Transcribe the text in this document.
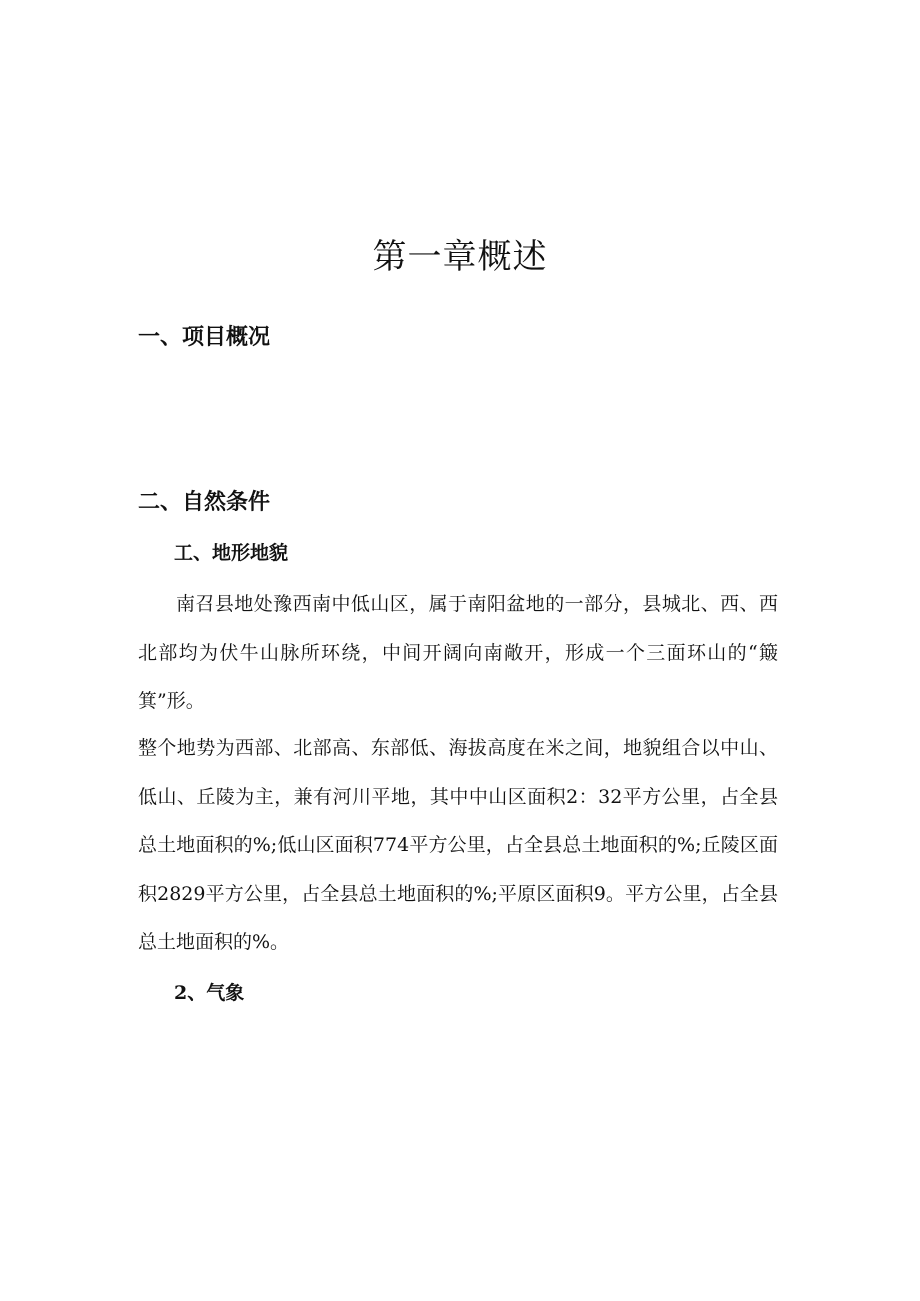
第一章概述
一、项目概况
二、自然条件
工、地形地貌

南召县地处豫西南中低山区，属于南阳盆地的一部分，县城北、西、西北部均为伏牛山脉所环绕，中间开阔向南敞开，形成一个三面环山的“簸箕”形。

整个地势为西部、北部高、东部低、海拔高度在米之间，地貌组合以中山、低山、丘陵为主，兼有河川平地，其中中山区面积2：32平方公里，占全县总土地面积的%;低山区面积774平方公里，占全县总土地面积的%;丘陵区面积2829平方公里，占全县总土地面积的%;平原区面积9。平方公里，占全县总土地面积的%。

2、气象
